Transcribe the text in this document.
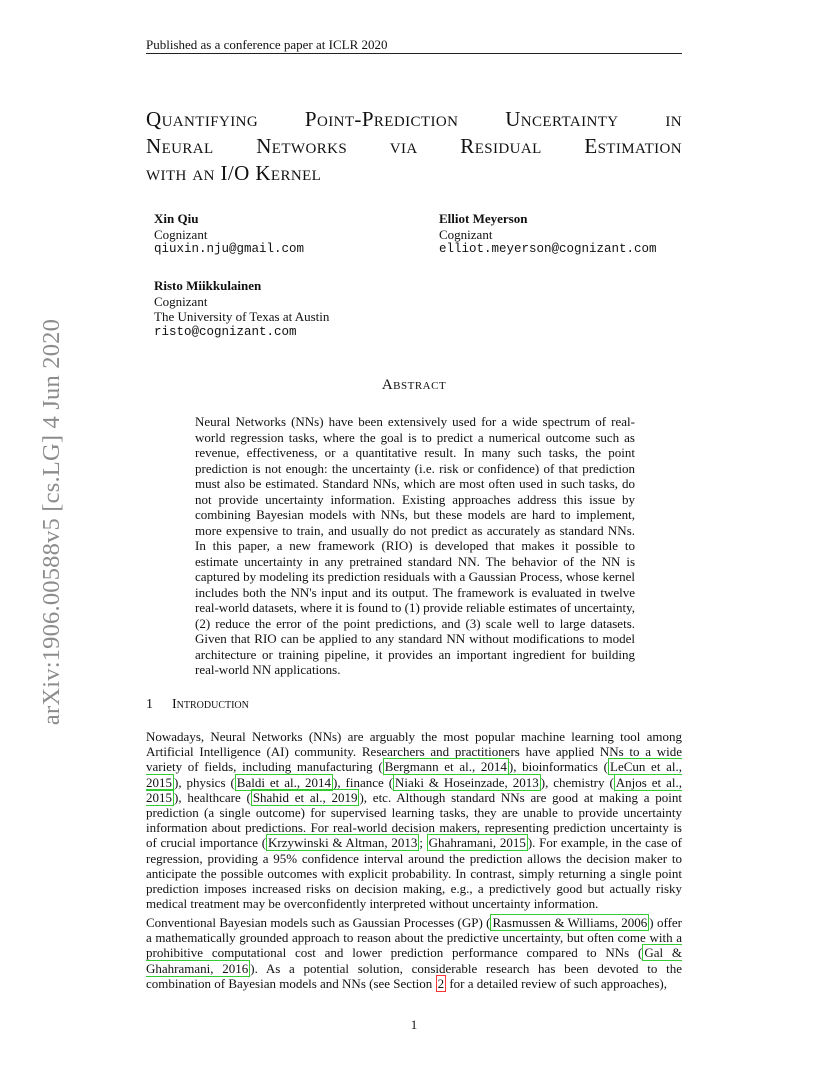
Published as a conference paper at ICLR 2020
arXiv:1906.00588v5 [cs.LG] 4 Jun 2020
Quantifying Point-Prediction Uncertainty in
Neural Networks via Residual Estimation
with an I/O Kernel
Xin Qiu
Cognizant
qiuxin.nju@gmail.com
Elliot Meyerson
Cognizant
elliot.meyerson@cognizant.com
Risto Miikkulainen
Cognizant
The University of Texas at Austin
risto@cognizant.com
Abstract
Neural Networks (NNs) have been extensively used for a wide spectrum of real-world regression tasks, where the goal is to predict a numerical outcome such as revenue, effectiveness, or a quantitative result. In many such tasks, the point prediction is not enough: the uncertainty (i.e. risk or confidence) of that prediction must also be estimated. Standard NNs, which are most often used in such tasks, do not provide uncertainty information. Existing approaches address this issue by combining Bayesian models with NNs, but these models are hard to implement, more expensive to train, and usually do not predict as accurately as standard NNs. In this paper, a new framework (RIO) is developed that makes it possible to estimate uncertainty in any pretrained standard NN. The behavior of the NN is captured by modeling its prediction residuals with a Gaussian Process, whose kernel includes both the NN's input and its output. The framework is evaluated in twelve real-world datasets, where it is found to (1) provide reliable estimates of uncertainty, (2) reduce the error of the point predictions, and (3) scale well to large datasets. Given that RIO can be applied to any standard NN without modifications to model architecture or training pipeline, it provides an important ingredient for building real-world NN applications.
1 Introduction
Nowadays, Neural Networks (NNs) are arguably the most popular machine learning tool among Artificial Intelligence (AI) community. Researchers and practitioners have applied NNs to a wide variety of fields, including manufacturing ( Bergmann et al., 2014 ), bioinformatics ( LeCun et al., 2015 ), physics ( Baldi et al., 2014 ), finance ( Niaki & Hoseinzade, 2013 ), chemistry ( Anjos et al., 2015 ), healthcare ( Shahid et al., 2019 ), etc. Although standard NNs are good at making a point prediction (a single outcome) for supervised learning tasks, they are unable to provide uncertainty information about predictions. For real-world decision makers, representing prediction uncertainty is of crucial importance ( Krzywinski & Altman, 2013 ; Ghahramani, 2015 ). For example, in the case of regression, providing a 95% confidence interval around the prediction allows the decision maker to anticipate the possible outcomes with explicit probability. In contrast, simply returning a single point prediction imposes increased risks on decision making, e.g., a predictively good but actually risky medical treatment may be overconfidently interpreted without uncertainty information.
Conventional Bayesian models such as Gaussian Processes (GP) ( Rasmussen & Williams, 2006 ) offer a mathematically grounded approach to reason about the predictive uncertainty, but often come with a prohibitive computational cost and lower prediction performance compared to NNs ( Gal & Ghahramani, 2016 ). As a potential solution, considerable research has been devoted to the combination of Bayesian models and NNs (see Section 2 for a detailed review of such approaches),
1
